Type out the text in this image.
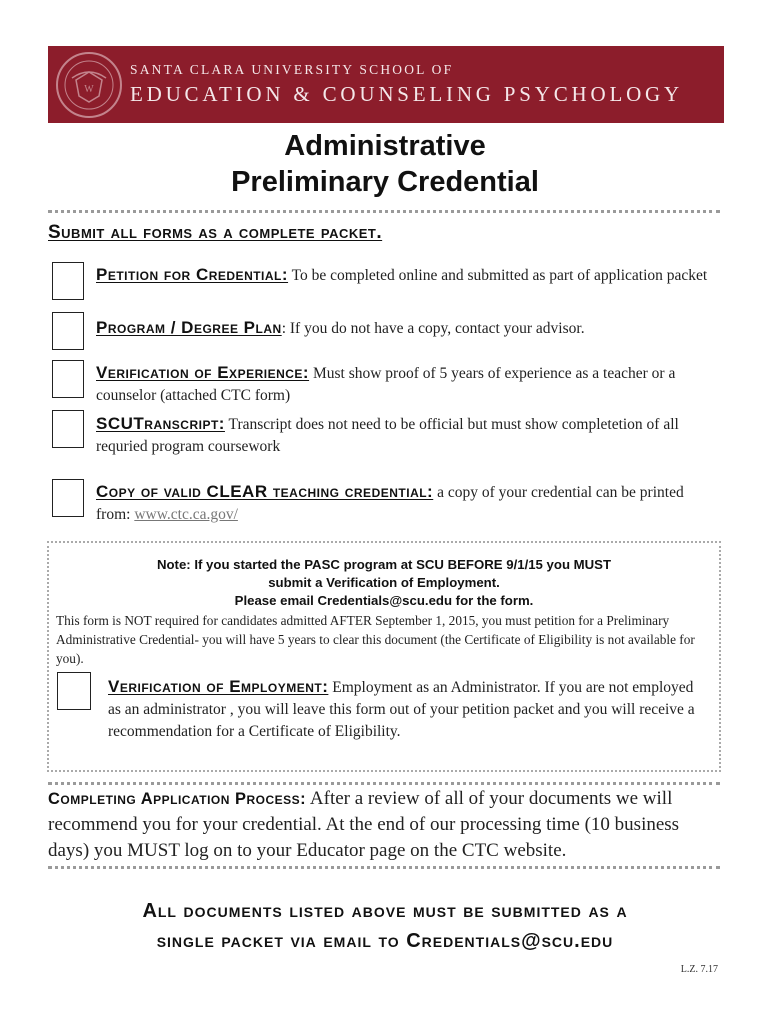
W
SANTA CLARA UNIVERSITY SCHOOL OF
EDUCATION & COUNSELING PSYCHOLOGY
Administrative
Preliminary Credential
Submit all forms as a complete packet.
Petition for Credential: To be completed online and submitted as part of application packet
Program / Degree Plan: If you do not have a copy, contact your advisor.
Verification of Experience: Must show proof of 5 years of experience as a teacher or a counselor (attached CTC form)
SCUTranscript: Transcript does not need to be official but must show completetion of all requried program coursework
Copy of valid CLEAR teaching credential: a copy of your credential can be printed from: www.ctc.ca.gov/
Note: If you started the PASC program at SCU BEFORE 9/1/15 you MUST
submit a Verification of Employment.
Please email Credentials@scu.edu for the form.
This form is NOT required for candidates admitted AFTER September 1, 2015, you must petition for a Preliminary Administrative Credential- you will have 5 years to clear this document (the Certificate of Eligibility is not available for you).
Verification of Employment: Employment as an Administrator. If you are not employed as an administrator , you will leave this form out of your petition packet and you will receive a recommendation for a Certificate of Eligibility.
Completing Application Process: After a review of all of your documents we will recommend you for your credential. At the end of our processing time (10 business days) you MUST log on to your Educator page on the CTC website.
All documents listed above must be submitted as a
single packet via email to Credentials@scu.edu
L.Z. 7.17
